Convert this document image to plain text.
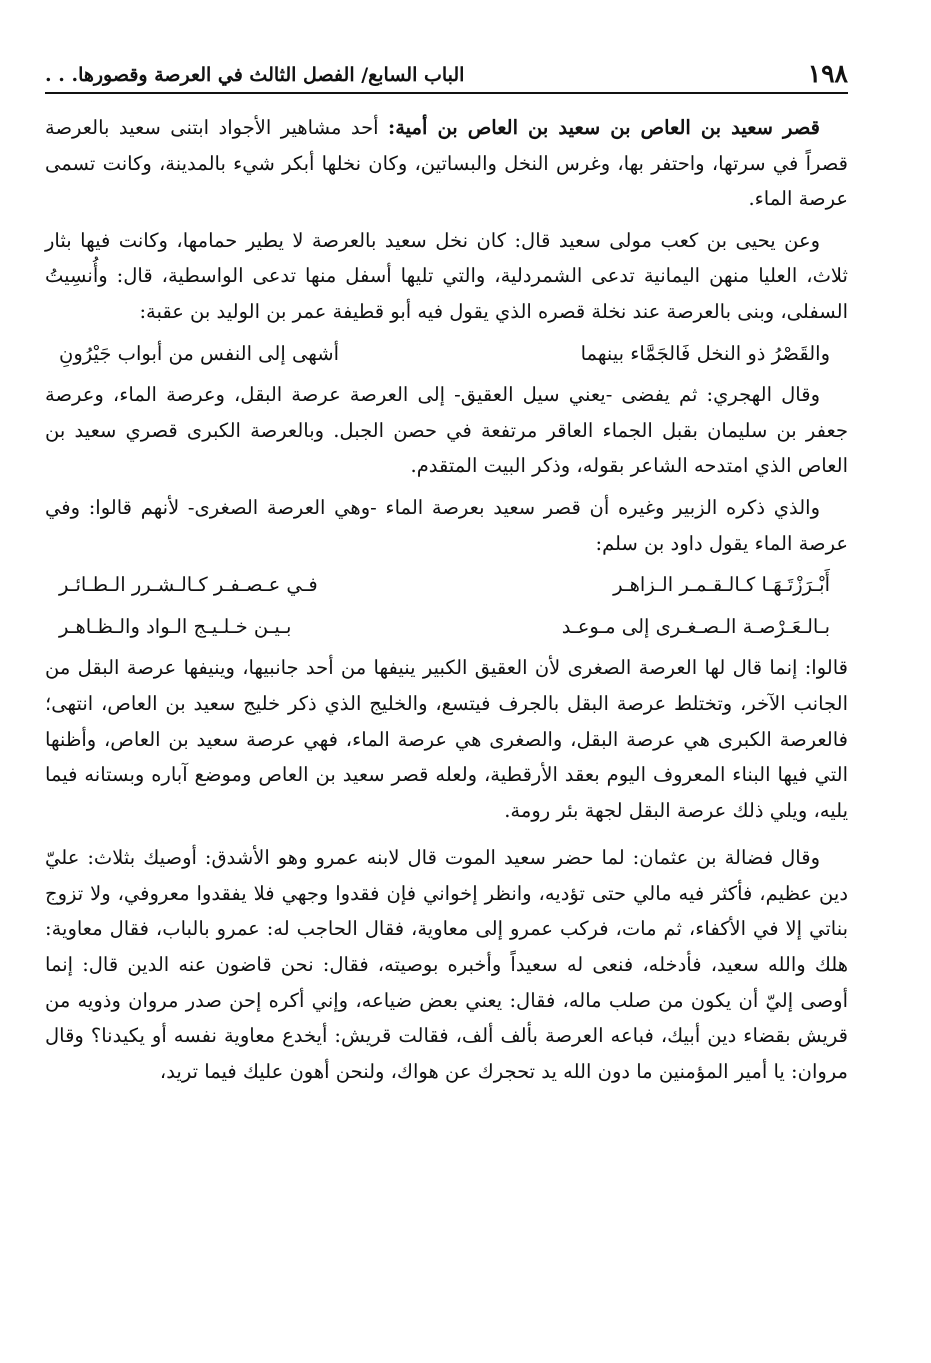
١٩٨
الباب السابع/ الفصل الثالث في العرصة وقصورها. . .

قصر سعيد بن العاص بن سعيد بن العاص بن أمية: أحد مشاهير الأجواد ابتنى سعيد بالعرصة قصراً في سرتها، واحتفر بها، وغرس النخل والبساتين، وكان نخلها أبكر شيء بالمدينة، وكانت تسمى عرصة الماء.

وعن يحيى بن كعب مولى سعيد قال: كان نخل سعيد بالعرصة لا يطير حمامها، وكانت فيها بثار ثلاث، العليا منهن اليمانية تدعى الشمردلية، والتي تليها أسفل منها تدعى الواسطية، قال: وأُنسِيتُ السفلى، وبنى بالعرصة عند نخلة قصره الذي يقول فيه أبو قطيفة عمر بن الوليد بن عقبة:

والقَصْرُ ذو النخل فَالجَمَّاء بينهما
أشهى إلى النفس من أبواب جَيْرُونِ

وقال الهجري: ثم يفضى -يعني سيل العقيق- إلى العرصة عرصة البقل، وعرصة الماء، وعرصة جعفر بن سليمان بقبل الجماء العاقر مرتفعة في حصن الجبل. وبالعرصة الكبرى قصري سعيد بن العاص الذي امتدحه الشاعر بقوله، وذكر البيت المتقدم.

والذي ذكره الزبير وغيره أن قصر سعيد بعرصة الماء -وهي العرصة الصغرى- لأنهم قالوا: وفي عرصة الماء يقول داود بن سلم:

أَبْـرَزْتَـهَـا كـالـقـمـر الـزاهـر
فـي عـصـفـر كـالـشـرر الـطـائـر
بـالـعَـرْصـة الـصـغـرى إلى مـوعـد
بـيـن خـلـيـج الـواد والـظـاهـر

قالوا: إنما قال لها العرصة الصغرى لأن العقيق الكبير ينيفها من أحد جانبيها، وينيفها عرصة البقل من الجانب الآخر، وتختلط عرصة البقل بالجرف فيتسع، والخليج الذي ذكر خليج سعيد بن العاص، انتهى؛ فالعرصة الكبرى هي عرصة البقل، والصغرى هي عرصة الماء، فهي عرصة سعيد بن العاص، وأظنها التي فيها البناء المعروف اليوم بعقد الأرقطية، ولعله قصر سعيد بن العاص وموضع آباره وبستانه فيما يليه، ويلي ذلك عرصة البقل لجهة بئر رومة.

وقال فضالة بن عثمان: لما حضر سعيد الموت قال لابنه عمرو وهو الأشدق: أوصيك بثلاث: عليّ دين عظيم، فأكثر فيه مالي حتى تؤديه، وانظر إخواني فإن فقدوا وجهي فلا يفقدوا معروفي، ولا تزوج بناتي إلا في الأكفاء، ثم مات، فركب عمرو إلى معاوية، فقال الحاجب له: عمرو بالباب، فقال معاوية: هلك والله سعيد، فأدخله، فنعى له سعيداً وأخبره بوصيته، فقال: نحن قاضون عنه الدين قال: إنما أوصى إليّ أن يكون من صلب ماله، فقال: يعني بعض ضياعه، وإني أكره إحن صدر مروان وذويه من قريش بقضاء دين أبيك، فباعه العرصة بألف ألف، فقالت قريش: أيخدع معاوية نفسه أو يكيدنا؟ وقال مروان: يا أمير المؤمنين ما دون الله يد تحجرك عن هواك، ولنحن أهون عليك فيما تريد،
